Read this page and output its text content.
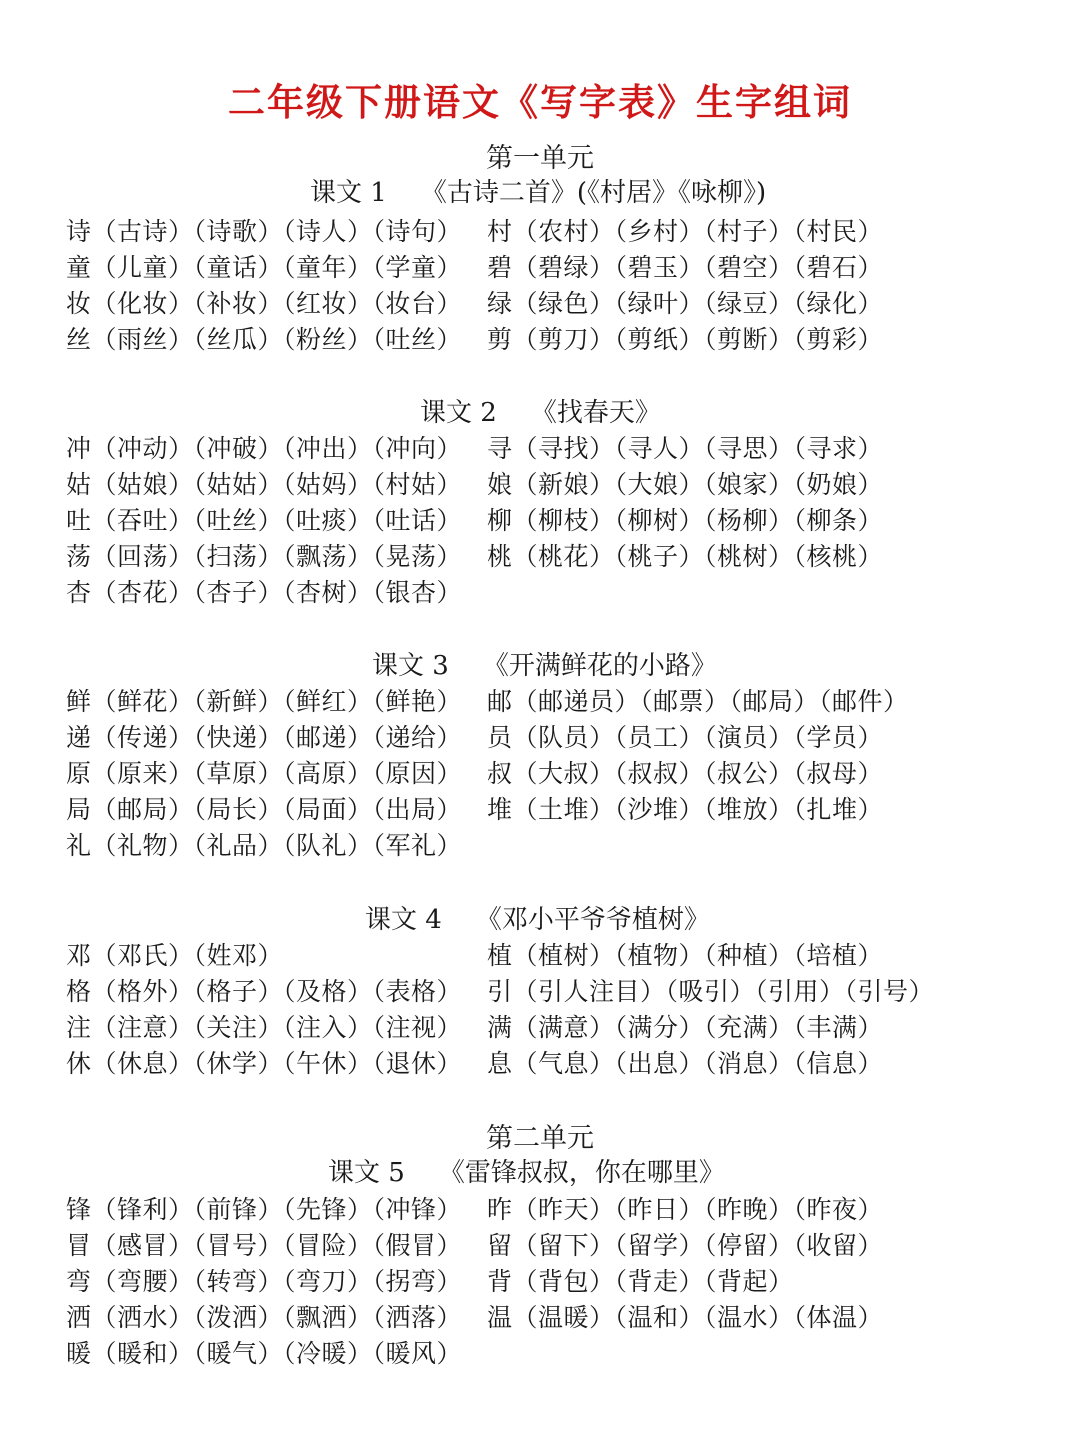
二年级下册语文《写字表》生字组词
第一单元
课文 1 《古诗二首》(《村居》《咏柳》)
诗（古诗）（诗歌）（诗人）（诗句）
童（儿童）（童话）（童年）（学童）
妆（化妆）（补妆）（红妆）（妆台）
丝（雨丝）（丝瓜）（粉丝）（吐丝）
村（农村）（乡村）（村子）（村民）
碧（碧绿）（碧玉）（碧空）（碧石）
绿（绿色）（绿叶）（绿豆）（绿化）
剪（剪刀）（剪纸）（剪断）（剪彩）
课文 2 《找春天》
冲（冲动）（冲破）（冲出）（冲向）
姑（姑娘）（姑姑）（姑妈）（村姑）
吐（吞吐）（吐丝）（吐痰）（吐话）
荡（回荡）（扫荡）（飘荡）（晃荡）
杏（杏花）（杏子）（杏树）（银杏）
寻（寻找）（寻人）（寻思）（寻求）
娘（新娘）（大娘）（娘家）（奶娘）
柳（柳枝）（柳树）（杨柳）（柳条）
桃（桃花）（桃子）（桃树）（核桃）
课文 3 《开满鲜花的小路》
鲜（鲜花）（新鲜）（鲜红）（鲜艳）
递（传递）（快递）（邮递）（递给）
原（原来）（草原）（高原）（原因）
局（邮局）（局长）（局面）（出局）
礼（礼物）（礼品）（队礼）（军礼）
邮（邮递员）（邮票）（邮局）（邮件）
员（队员）（员工）（演员）（学员）
叔（大叔）（叔叔）（叔公）（叔母）
堆（土堆）（沙堆）（堆放）（扎堆）
课文 4 《邓小平爷爷植树》
邓（邓氏）（姓邓）
格（格外）（格子）（及格）（表格）
注（注意）（关注）（注入）（注视）
休（休息）（休学）（午休）（退休）
植（植树）（植物）（种植）（培植）
引（引人注目）（吸引）（引用）（引号）
满（满意）（满分）（充满）（丰满）
息（气息）（出息）（消息）（信息）
第二单元
课文 5 《雷锋叔叔，你在哪里》
锋（锋利）（前锋）（先锋）（冲锋）
冒（感冒）（冒号）（冒险）（假冒）
弯（弯腰）（转弯）（弯刀）（拐弯）
洒（洒水）（泼洒）（飘洒）（洒落）
暖（暖和）（暖气）（冷暖）（暖风）
昨（昨天）（昨日）（昨晚）（昨夜）
留（留下）（留学）（停留）（收留）
背（背包）（背走）（背起）
温（温暖）（温和）（温水）（体温）
